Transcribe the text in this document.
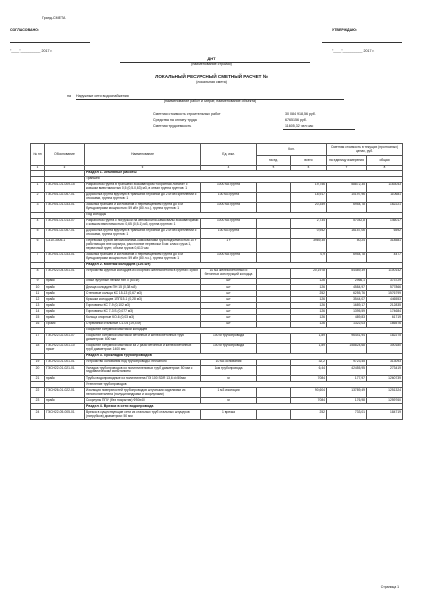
Гранд-СМЕТА
СОГЛАСОВАНО:	УТВЕРЖДАЮ:
"____"__________ 2017 г.	"____"__________ 2017 г.
ДНТ
(наименование стройки)
ЛОКАЛЬНЫЙ РЕСУРСНЫЙ СМЕТНЫЙ РАСЧЕТ №
(локальная смета)
на Наружные сети водоснабжения
(наименование работ и затрат, наименование объекта)
Сметная стоимость строительных работ	30 084 918,56 руб.
Средства на оплату труда	6765156 руб.
Сметная трудоемкость	11605,32 чел.час
№ пп	Обоснование	Наименование	Ед. изм.	Кол.		Сметная стоимость в текущих (прогнозных) ценах, руб.	
				на ед.	всего	на единицу измерения	общая
1	2	3	4	5	6	7	8
		Раздел 1. Земляные работы					
		Траншея					
1	ГЭСН01-01-009-15	Разработка грунта в траншеях экскаватором «обратная лопата» с ковшом вместимостью 0,5 (0,5-0,63) м3, в отвал группа грунтов: 1	1000 м3 грунта		19,756	58872,35	1163043
2	ГЭСН01-02-057-01	Доработка грунта вручную в траншеях глубиной до 2 м без креплений с откосами, группа грунтов: 1	100 м3 грунта		18,917	10197,96	110681
3	ГЭСН01-01-033-01	Засыпка траншей и котлованов с перемещением грунта до 5 м бульдозерами мощностью: 59 кВт (80 л.с.), группа грунтов: 1	1000 м3 грунта		20,349	6954,78	162221
		Под колодцы					
4	ГЭСН01-01-013-07	Разработка грунта с погрузкой на автомобили-самосвалы экскаваторами с ковшом вместимостью: 0,65 (0,5-1) м3, группа грунтов: 1	1000 м3 грунта		2,734	57042,8	146017
5	ГЭСН01-02-057-01	Доработка грунта вручную в траншеях глубиной до 2 м без креплений с откосами, группа грунтов: 1	100 м3 грунта		0,942	16157,06	6592
6	С310-3005-1	Перевозка грузов автомобилями-самосвалами грузоподъемностью 10 т работающих вне карьера, расстояние перевозки 5 км: класс груза 1, первичный грунт, объем грузов 0,613 час	1 т		3969,35	50,24	318581
7	ГЭСН01-01-033-01	Засыпка траншей и котлованов с перемещением грунта до 5 м бульдозерами мощностью: 59 кВт (80 л.с.), группа грунтов: 1	1000 м3 грунта		0,9	6954,78	4477
		Раздел 2. Монтаж колодцев (126 шт)					
8	ГЭСН22-04-001-01	Устройство круглых колодцев из сборного железобетона в грунтах: сухих	10 м3 железобетонных и бетонных конструкций колодца		20,1978	54489,39	1100142
9	прайс	Люки чугунные легкий тип Л (64 кг)	шт		126	2966,1	373729
10	прайс	Днища колодцев ПН 15 (0,38 м3)	шт		126	4584,97	577866
11	прайс	Стеновые кольца КС 15-13 (0,67 м3)	шт		252	6255,76	1576799
12	прайс	Крышки колодцев 1ПП15-1 (0,28 м3)	шт		126	3544,07	446553
13	прайс	Горловины КС 7-9 (0,102 м3)	шт		126	1689,17	212835
14	прайс	Горловины КС 7-3 Б (0,077 м3)	шт		126	1395,59	174684
15	прайс	Кольца опорные КО-6 (0,03 м3)	шт		126	489,83	61719
16	Прайс	Стремянки стальные С1-04 (19,4 кг)	шт		126	1322,03	166576
		Покрытие битумной мастикой колодцев					
17	ГЭСН22-02-001-07	Покрытие битумной мастикой бетонных и железобетонных труб диаметром: 600 мм	100 м трубопровода		1,89	96441,94	182275
18	ГЭСН22-02-001-10 пркат	Покрытие битумной мастикой за 2 раза бетонных и железобетонных труб диаметром: 1400 мм	100 м трубопровода		1,89	158824,68	300180
		Раздел 3. Прокладка трубопроводов					
19	ГЭСН23-01-001-01	Устройство основания под трубопроводы: песчаного	10 м3 основания		32,2	9723,45	313093
20	ГЭСН22-01-021-01	Укладка трубопроводов из полиэтиленовых труб диаметром: 50 мм с гидравлическим испытанием	1км трубопровода		6,44	42455,95	273419
21	прайс	Трубы водопроводные из полиэтилена ПЭ 100 SDR 13,6 d=50мм	м		7084	177,97	1260739
		Утепление трубопроводов					
22	ГЭСН26-01-022-01	Изоляция поверхностей трубопроводов штучными изделиями из пенополиэтилена (полуцилиндрами и скорлупами)	1 м3 изоляции		90,604	13789,49	1251324
23	прайс	Скорлупы ППУ (без покрытия) Ф50х40	м		7084	176,98	1259760
		Раздел 4. Врезки в сети водопровода					
24	ГЭСН22-05-005-01	Врезка в существующие сети из стальных труб стальных штуцеров (патрубков) диаметром: 50 мм	1 врезка		252	733,01	184719
Страница 1
